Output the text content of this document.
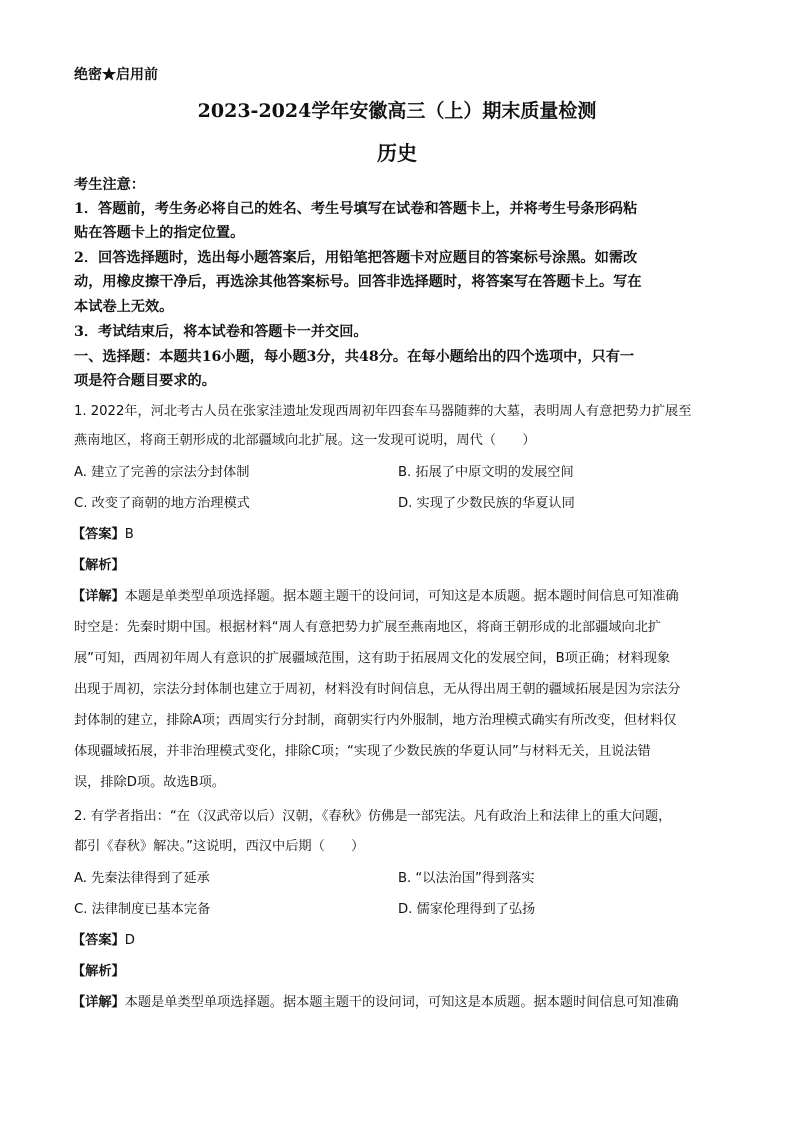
绝密★启用前
2023-2024学年安徽高三（上）期末质量检测
历史
考生注意：
1．答题前，考生务必将自己的姓名、考生号填写在试卷和答题卡上，并将考生号条形码粘
贴在答题卡上的指定位置。
2．回答选择题时，选出每小题答案后，用铅笔把答题卡对应题目的答案标号涂黑。如需改
动，用橡皮擦干净后，再选涂其他答案标号。回答非选择题时，将答案写在答题卡上。写在
本试卷上无效。
3．考试结束后，将本试卷和答题卡一并交回。
一、选择题：本题共16小题，每小题3分，共48分。在每小题给出的四个选项中，只有一
项是符合题目要求的。
1. 2022年，河北考古人员在张家洼遗址发现西周初年四套车马器随葬的大墓，表明周人有意把势力扩展至
燕南地区，将商王朝形成的北部疆域向北扩展。这一发现可说明，周代（　　）
A. 建立了完善的宗法分封体制	B. 拓展了中原文明的发展空间
C. 改变了商朝的地方治理模式	D. 实现了少数民族的华夏认同
【答案】B
【解析】
【详解】本题是单类型单项选择题。据本题主题干的设问词，可知这是本质题。据本题时间信息可知准确
时空是：先秦时期中国。根据材料“周人有意把势力扩展至燕南地区，将商王朝形成的北部疆域向北扩
展”可知，西周初年周人有意识的扩展疆域范围，这有助于拓展周文化的发展空间，B项正确；材料现象
出现于周初，宗法分封体制也建立于周初，材料没有时间信息，无从得出周王朝的疆域拓展是因为宗法分
封体制的建立，排除A项；西周实行分封制，商朝实行内外服制，地方治理模式确实有所改变，但材料仅
体现疆域拓展，并非治理模式变化，排除C项；“实现了少数民族的华夏认同”与材料无关，且说法错
误，排除D项。故选B项。
2. 有学者指出：“在（汉武帝以后）汉朝，《春秋》仿佛是一部宪法。凡有政治上和法律上的重大问题，
都引《春秋》解决。”这说明，西汉中后期（　　）
A. 先秦法律得到了延承	B. “以法治国”得到落实
C. 法律制度已基本完备	D. 儒家伦理得到了弘扬
【答案】D
【解析】
【详解】本题是单类型单项选择题。据本题主题干的设问词，可知这是本质题。据本题时间信息可知准确
